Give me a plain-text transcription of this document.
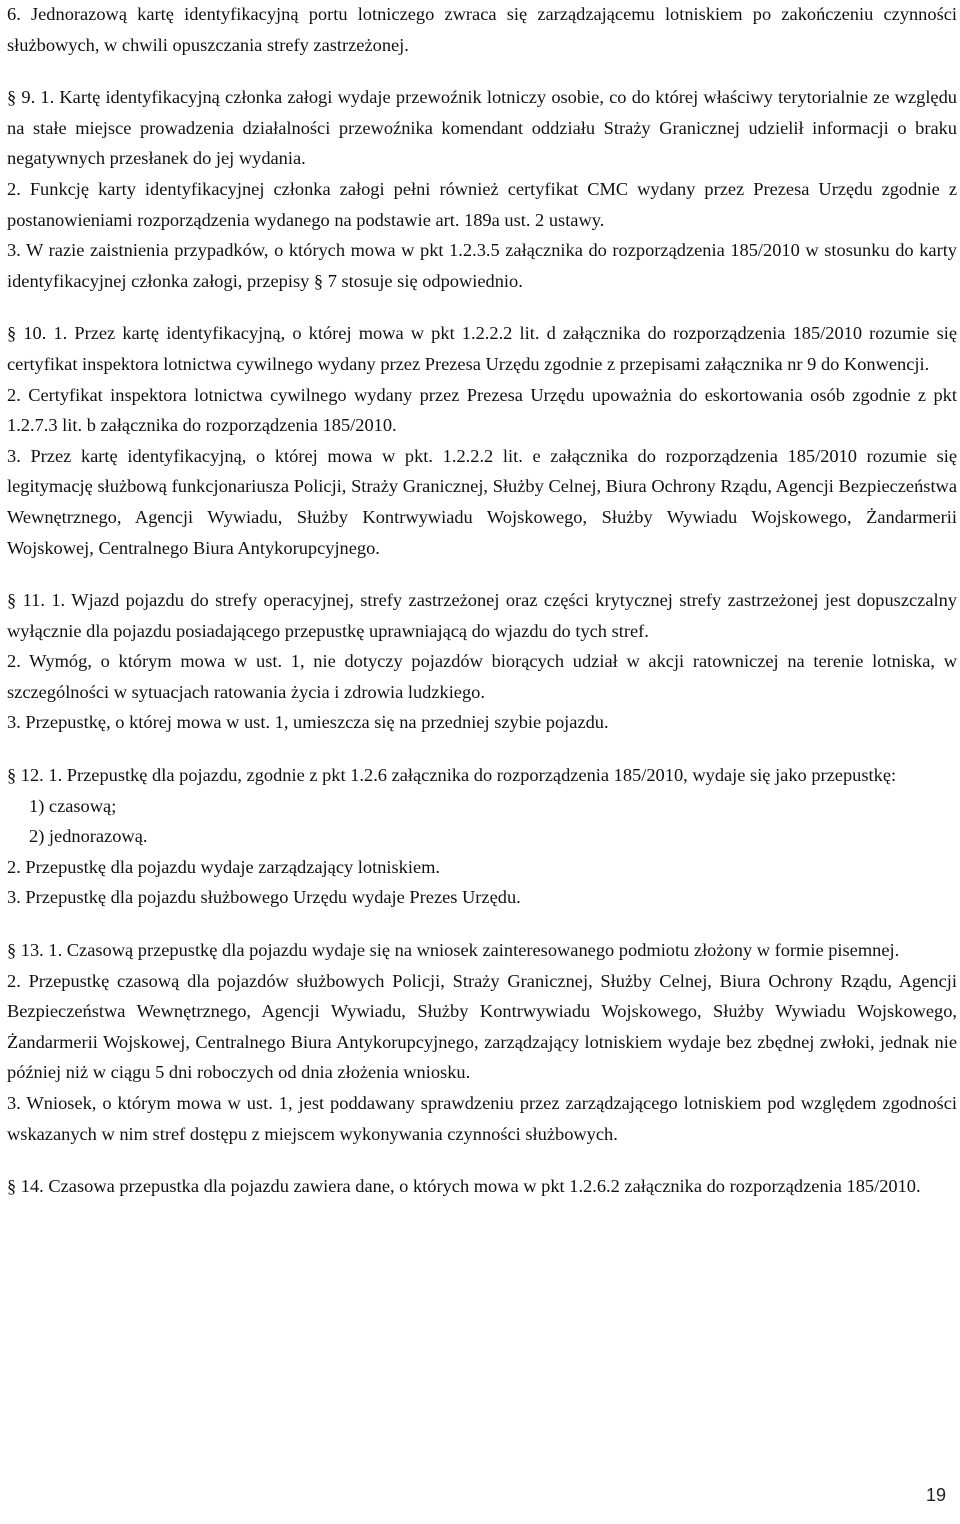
6. Jednorazową kartę identyfikacyjną portu lotniczego zwraca się zarządzającemu lotniskiem po zakończeniu czynności służbowych, w chwili opuszczania strefy zastrzeżonej.

§ 9. 1. Kartę identyfikacyjną członka załogi wydaje przewoźnik lotniczy osobie, co do której właściwy terytorialnie ze względu na stałe miejsce prowadzenia działalności przewoźnika komendant oddziału Straży Granicznej udzielił informacji o braku negatywnych przesłanek do jej wydania.

2. Funkcję karty identyfikacyjnej członka załogi pełni również certyfikat CMC wydany przez Prezesa Urzędu zgodnie z postanowieniami rozporządzenia wydanego na podstawie art. 189a ust. 2 ustawy.

3. W razie zaistnienia przypadków, o których mowa w pkt 1.2.3.5 załącznika do rozporządzenia 185/2010 w stosunku do karty identyfikacyjnej członka załogi, przepisy § 7 stosuje się odpowiednio.

§ 10. 1. Przez kartę identyfikacyjną, o której mowa w pkt 1.2.2.2 lit. d załącznika do rozporządzenia 185/2010 rozumie się certyfikat inspektora lotnictwa cywilnego wydany przez Prezesa Urzędu zgodnie z przepisami załącznika nr 9 do Konwencji.

2. Certyfikat inspektora lotnictwa cywilnego wydany przez Prezesa Urzędu upoważnia do eskortowania osób zgodnie z pkt 1.2.7.3 lit. b załącznika do rozporządzenia 185/2010.

3. Przez kartę identyfikacyjną, o której mowa w pkt. 1.2.2.2 lit. e załącznika do rozporządzenia 185/2010 rozumie się legitymację służbową funkcjonariusza Policji, Straży Granicznej, Służby Celnej, Biura Ochrony Rządu, Agencji Bezpieczeństwa Wewnętrznego, Agencji Wywiadu, Służby Kontrwywiadu Wojskowego, Służby Wywiadu Wojskowego, Żandarmerii Wojskowej, Centralnego Biura Antykorupcyjnego.

§ 11. 1. Wjazd pojazdu do strefy operacyjnej, strefy zastrzeżonej oraz części krytycznej strefy zastrzeżonej jest dopuszczalny wyłącznie dla pojazdu posiadającego przepustkę uprawniającą do wjazdu do tych stref.

2. Wymóg, o którym mowa w ust. 1, nie dotyczy pojazdów biorących udział w akcji ratowniczej na terenie lotniska, w szczególności w sytuacjach ratowania życia i zdrowia ludzkiego.

3. Przepustkę, o której mowa w ust. 1, umieszcza się na przedniej szybie pojazdu.

§ 12. 1. Przepustkę dla pojazdu, zgodnie z pkt 1.2.6 załącznika do rozporządzenia 185/2010, wydaje się jako przepustkę:

1) czasową;

2) jednorazową.

2. Przepustkę dla pojazdu wydaje zarządzający lotniskiem.

3. Przepustkę dla pojazdu służbowego Urzędu wydaje Prezes Urzędu.

§ 13. 1. Czasową przepustkę dla pojazdu wydaje się na wniosek zainteresowanego podmiotu złożony w formie pisemnej.

2. Przepustkę czasową dla pojazdów służbowych Policji, Straży Granicznej, Służby Celnej, Biura Ochrony Rządu, Agencji Bezpieczeństwa Wewnętrznego, Agencji Wywiadu, Służby Kontrwywiadu Wojskowego, Służby Wywiadu Wojskowego, Żandarmerii Wojskowej, Centralnego Biura Antykorupcyjnego, zarządzający lotniskiem wydaje bez zbędnej zwłoki, jednak nie później niż w ciągu 5 dni roboczych od dnia złożenia wniosku.

3. Wniosek, o którym mowa w ust. 1, jest poddawany sprawdzeniu przez zarządzającego lotniskiem pod względem zgodności wskazanych w nim stref dostępu z miejscem wykonywania czynności służbowych.

§ 14. Czasowa przepustka dla pojazdu zawiera dane, o których mowa w pkt 1.2.6.2 załącznika do rozporządzenia 185/2010.

19
